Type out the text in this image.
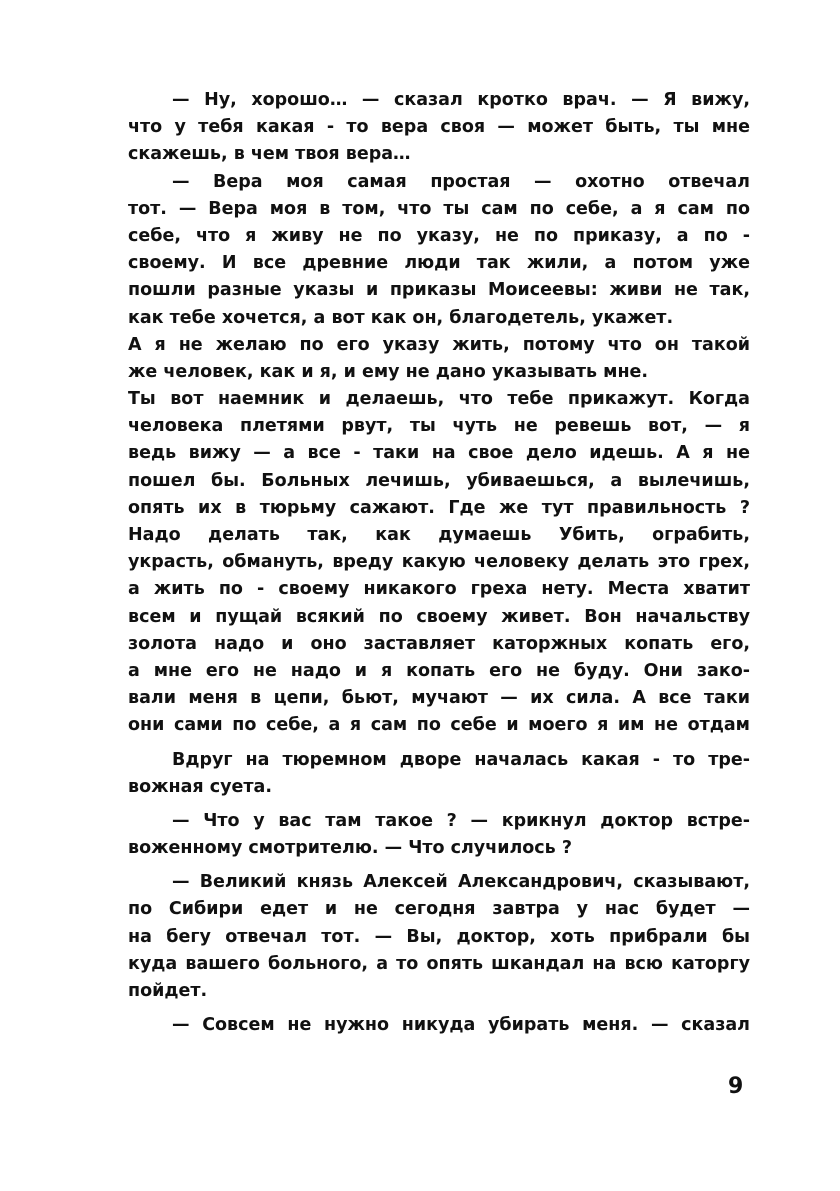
— Ну, хорошо… — сказал кротко врач. — Я вижу,
что у тебя какая - то вера своя — может быть, ты мне
скажешь, в чем твоя вера…
— Вера моя самая простая — охотно отвечал
тот. — Вера моя в том, что ты сам по себе, а я сам по
себе, что я живу не по указу, не по приказу, а по -
своему. И все древние люди так жили, а потом уже
пошли разные указы и приказы Моисеевы: живи не так,
как тебе хочется, а вот как он, благодетель, укажет.
А я не желаю по его указу жить, потому что он такой
же человек, как и я, и ему не дано указывать мне.
Ты вот наемник и делаешь, что тебе прикажут. Когда
человека плетями рвут, ты чуть не ревешь вот, — я
ведь вижу — а все - таки на свое дело идешь. А я не
пошел бы. Больных лечишь, убиваешься, а вылечишь,
опять их в тюрьму сажают. Где же тут правильность ?
Надо делать так, как думаешь Убить, ограбить,
украсть, обмануть, вреду какую человеку делать это грех,
а жить по - своему никакого греха нету. Места хватит
всем и пущай всякий по своему живет. Вон начальству
золота надо и оно заставляет каторжных копать его,
а мне его не надо и я копать его не буду. Они зако-
вали меня в цепи, бьют, мучают — их сила. А все таки
они сами по себе, а я сам по себе и моего я им не отдам
Вдруг на тюремном дворе началась какая - то тре-
вожная суета.
— Что у вас там такое ? — крикнул доктор встре-
воженному смотрителю. — Что случилось ?
— Великий князь Алексей Александрович, сказывают,
по Сибири едет и не сегодня завтра у нас будет —
на бегу отвечал тот. — Вы, доктор, хоть прибрали бы
куда вашего больного, а то опять шкандал на всю каторгу
пойдет.
— Совсем не нужно никуда убирать меня. — сказал
9
